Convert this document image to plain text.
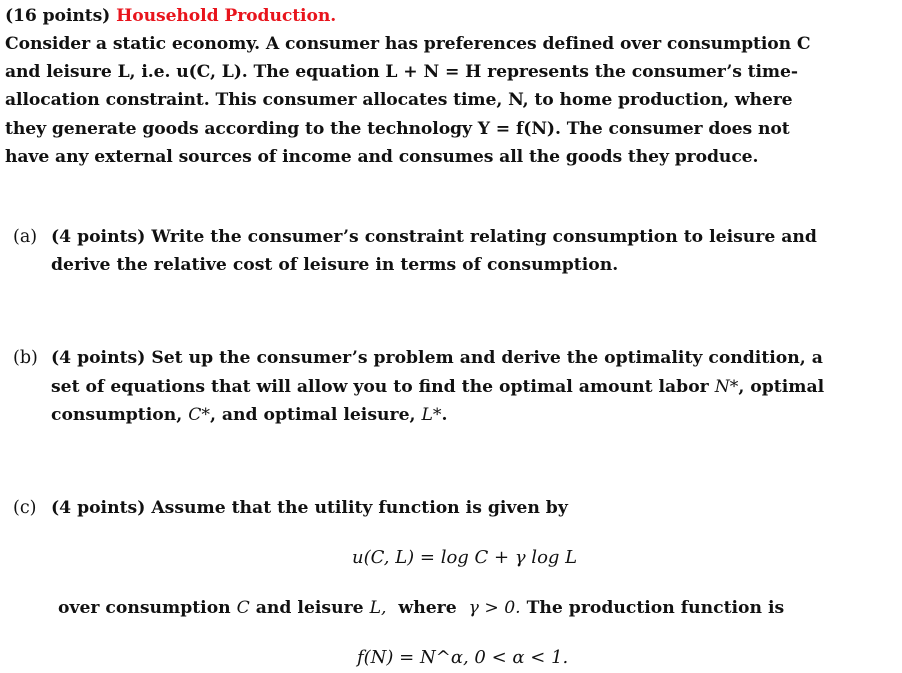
(16 points) Household Production.
Consider a static economy. A consumer has preferences defined over consumption C
and leisure L, i.e. u(C, L). The equation L + N = H represents the consumer’s time-
allocation constraint. This consumer allocates time, N, to home production, where
they generate goods according to the technology Y = f(N). The consumer does not
have any external sources of income and consumes all the goods they produce.
(a) (4 points) Write the consumer’s constraint relating consumption to leisure and
derive the relative cost of leisure in terms of consumption.
(b) (4 points) Set up the consumer’s problem and derive the optimality condition, a
set of equations that will allow you to find the optimal amount labor N*, optimal
consumption, C*, and optimal leisure, L*.
(c) (4 points) Assume that the utility function is given by
u(C, L) = log C + γ log L
over consumption C and leisure L, where γ > 0. The production function is
f(N) = N^α, 0 < α < 1.
